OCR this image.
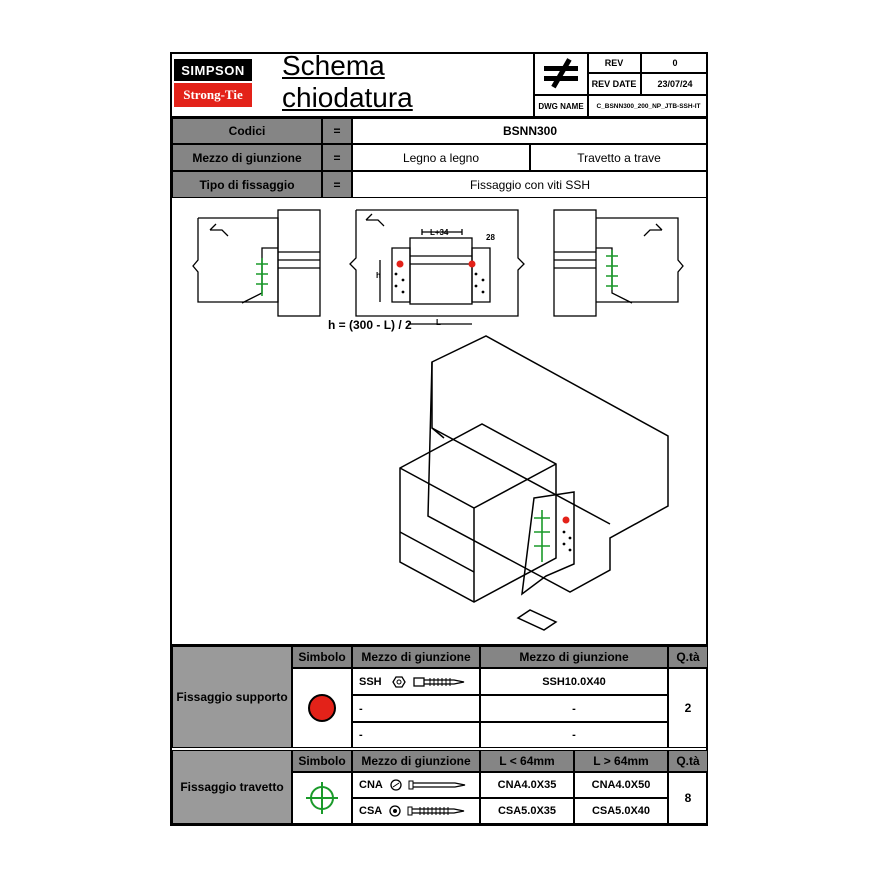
SIMPSON
Strong-Tie
Schema chiodatura
REV	0
REV DATE	23/07/24
DWG NAME	C_BSNN300_200_NP_JTB-SSH-IT
Codici	=	BSNN300
Mezzo di giunzione	=	Legno a legno	Travetto a trave
Tipo di fissaggio	=	Fissaggio con viti SSH
L+34
28
h
L
h = (300 - L) / 2
Fissaggio supporto
Simbolo	Mezzo di giunzione	Mezzo di giunzione	Q.tà
SSH	SSH10.0X40
-	-
-	-
2
Fissaggio travetto
Simbolo	Mezzo di giunzione	L < 64mm	L > 64mm	Q.tà
CNA	CNA4.0X35	CNA4.0X50
CSA	CSA5.0X35	CSA5.0X40
8
